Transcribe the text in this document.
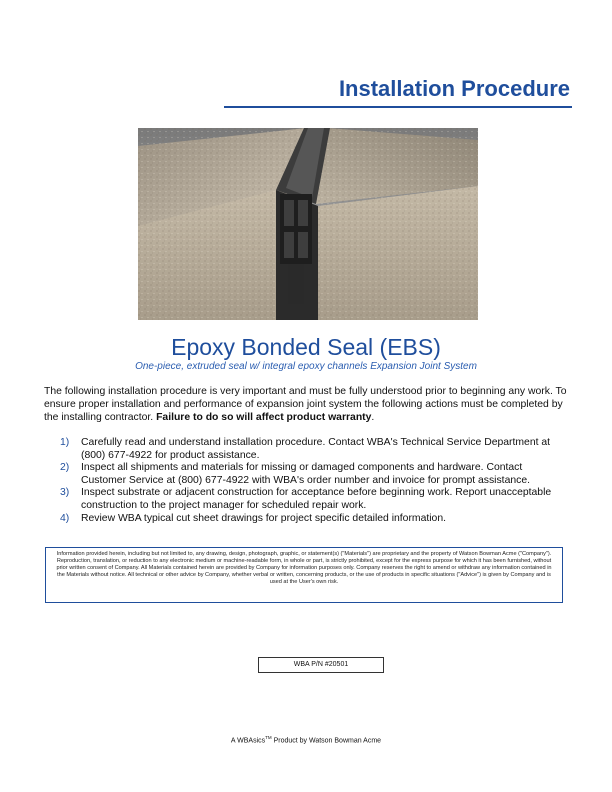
Installation Procedure
Epoxy Bonded Seal (EBS)
One-piece, extruded seal w/ integral epoxy channels Expansion Joint System
The following installation procedure is very important and must be fully understood prior to beginning any work. To ensure proper installation and performance of expansion joint system the following actions must be completed by the installing contractor. Failure to do so will affect product warranty.
1) Carefully read and understand installation procedure. Contact WBA's Technical Service Department at (800) 677-4922 for product assistance.
2) Inspect all shipments and materials for missing or damaged components and hardware. Contact Customer Service at (800) 677-4922 with WBA's order number and invoice for prompt assistance.
3) Inspect substrate or adjacent construction for acceptance before beginning work. Report unacceptable construction to the project manager for scheduled repair work.
4) Review WBA typical cut sheet drawings for project specific detailed information.
Information provided herein, including but not limited to, any drawing, design, photograph, graphic, or statement(s) ("Materials") are proprietary and the property of Watson Bowman Acme ("Company"). Reproduction, translation, or reduction to any electronic medium or machine-readable form, in whole or part, is strictly prohibited, except for the express purpose for which it has been furnished, without prior written consent of Company. All Materials contained herein are provided by Company for information purposes only. Company reserves the right to amend or withdraw any information contained in the Materials without notice. All technical or other advice by Company, whether verbal or written, concerning products, or the use of products in specific situations ("Advice") is given by Company and is used at the User's own risk.
WBA P/N #20501
A WBAsics™ Product by Watson Bowman Acme
